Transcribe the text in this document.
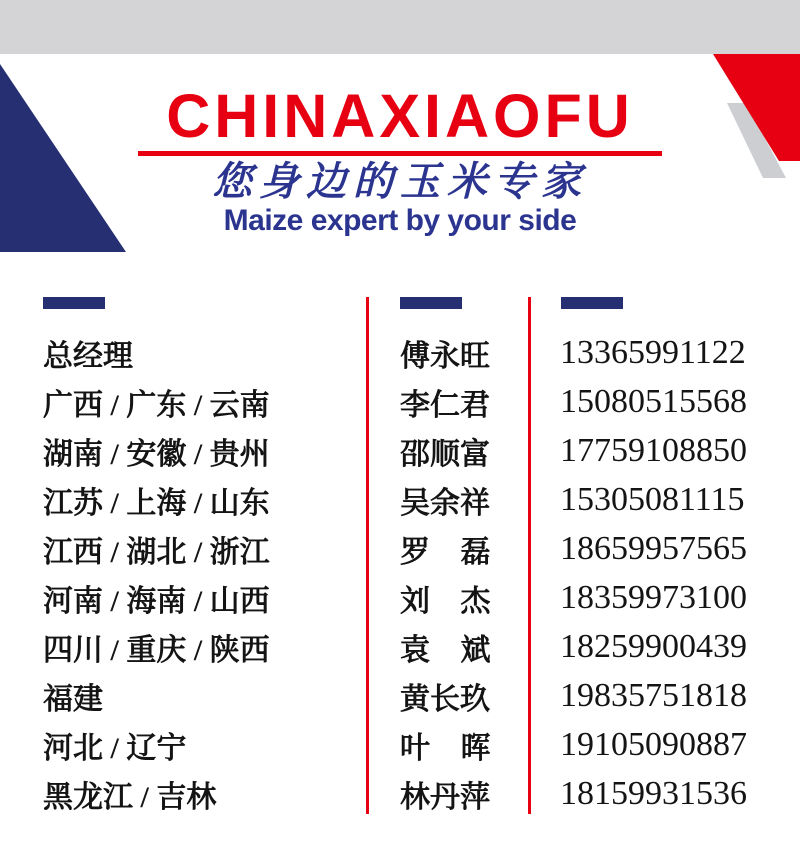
CHINAXIAOFU
您身边的玉米专家
Maize expert by your side
总经理
广西 / 广东 / 云南
湖南 / 安徽 / 贵州
江苏 / 上海 / 山东
江西 / 湖北 / 浙江
河南 / 海南 / 山西
四川 / 重庆 / 陕西
福建
河北 / 辽宁
黑龙江 / 吉林
傅永旺
李仁君
邵顺富
吴余祥
罗 磊
刘 杰
袁 斌
黄长玖
叶 晖
林丹萍
13365991122
15080515568
17759108850
15305081115
18659957565
18359973100
18259900439
19835751818
19105090887
18159931536
